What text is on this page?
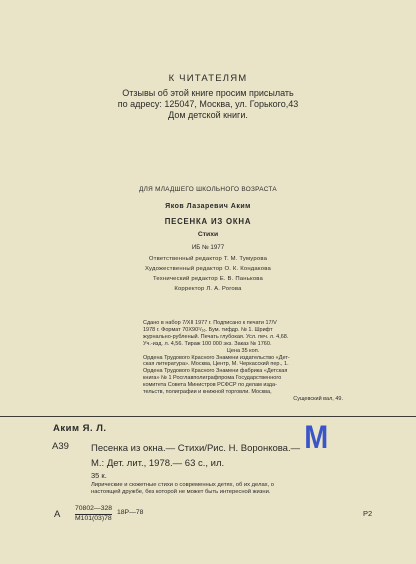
К ЧИТАТЕЛЯМ
Отзывы об этой книге просим присылать
по адресу: 125047, Москва, ул. Горького,43
Дом детской книги.
ДЛЯ МЛАДШЕГО ШКОЛЬНОГО ВОЗРАСТА
Яков Лазаревич Аким
ПЕСЕНКА ИЗ ОКНА
Стихи
ИБ № 1977
Ответственный редактор Т. М. Тумурова
Художественный редактор О. К. Кондакова
Технический редактор Е. В. Панькова
Корректор Л. А. Рогова
Сдано в набор 7/XII 1977 г. Подписано к печати 17/V
1978 г. Формат 70X90¹/₁₆. Бум. тифдр. № 1. Шрифт
журнально-рубленый. Печать глубокая. Усл. печ. л. 4,68.
Уч.-изд. л. 4,56. Тираж 100 000 экз. Заказ № 1760.
Цена 35 коп.
Ордена Трудового Красного Знамени издательство «Дет-
ская литература». Москва, Центр, М. Черкасский пер., 1.
Ордена Трудового Красного Знамени фабрика «Детская
книга» № 1 Росглавполиграфпрома Государственного
комитета Совета Министров РСФСР по делам изда-
тельств, полиграфии и книжной торговли. Москва,
Сущевский вал, 49.
Аким Я. Л.
А39 Песенка из окна.— Стихи/Рис. Н. Воронкова.—
М.: Дет. лит., 1978.— 63 с., ил.
35 к.
Лирические и сюжетные стихи о современных детях, об их делах, о
настоящей дружбе, без которой не может быть интересной жизни.
М
А
70802—328
М101(03)78
18Р—78	Р2
